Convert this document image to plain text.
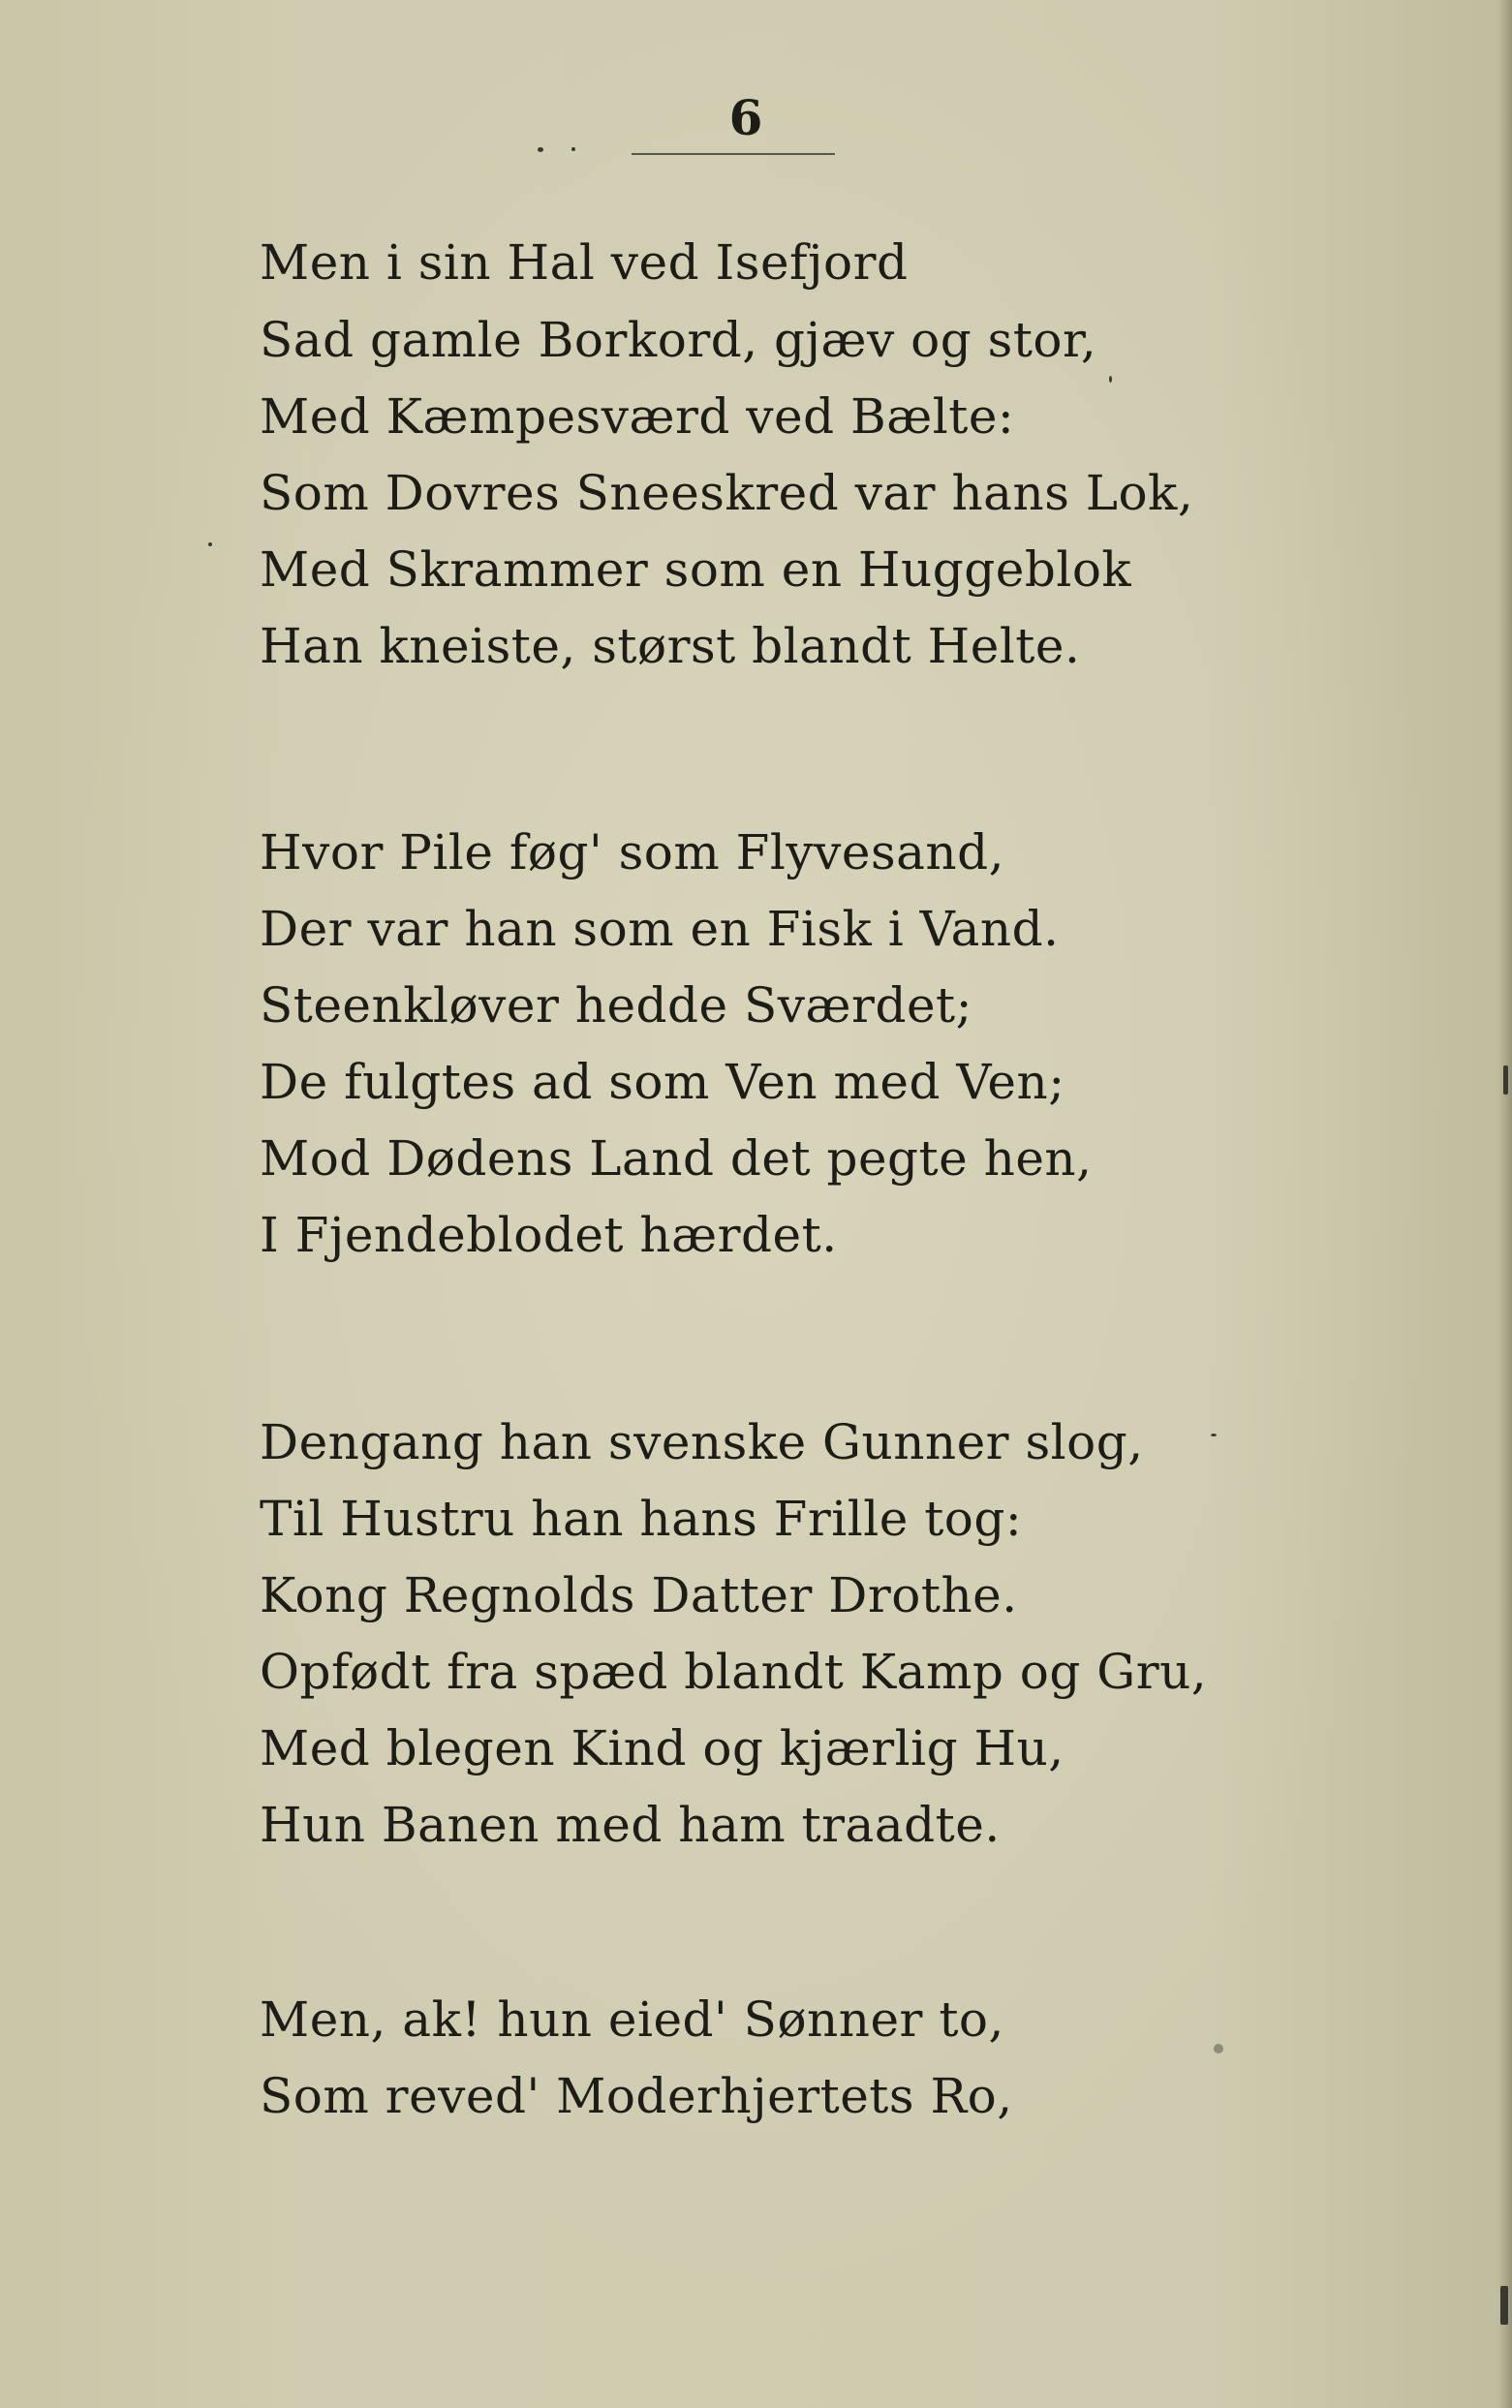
6
Men i sin Hal ved Isefjord
Sad gamle Borkord, gjæv og stor,
Med Kæmpesværd ved Bælte:
Som Dovres Sneeskred var hans Lok,
Med Skrammer som en Huggeblok
Han kneiste, størst blandt Helte.
Hvor Pile føg' som Flyvesand,
Der var han som en Fisk i Vand.
Steenkløver hedde Sværdet;
De fulgtes ad som Ven med Ven;
Mod Dødens Land det pegte hen,
I Fjendeblodet hærdet.
Dengang han svenske Gunner slog,
Til Hustru han hans Frille tog:
Kong Regnolds Datter Drothe.
Opfødt fra spæd blandt Kamp og Gru,
Med blegen Kind og kjærlig Hu,
Hun Banen med ham traadte.
Men, ak! hun eied' Sønner to,
Som reved' Moderhjertets Ro,
